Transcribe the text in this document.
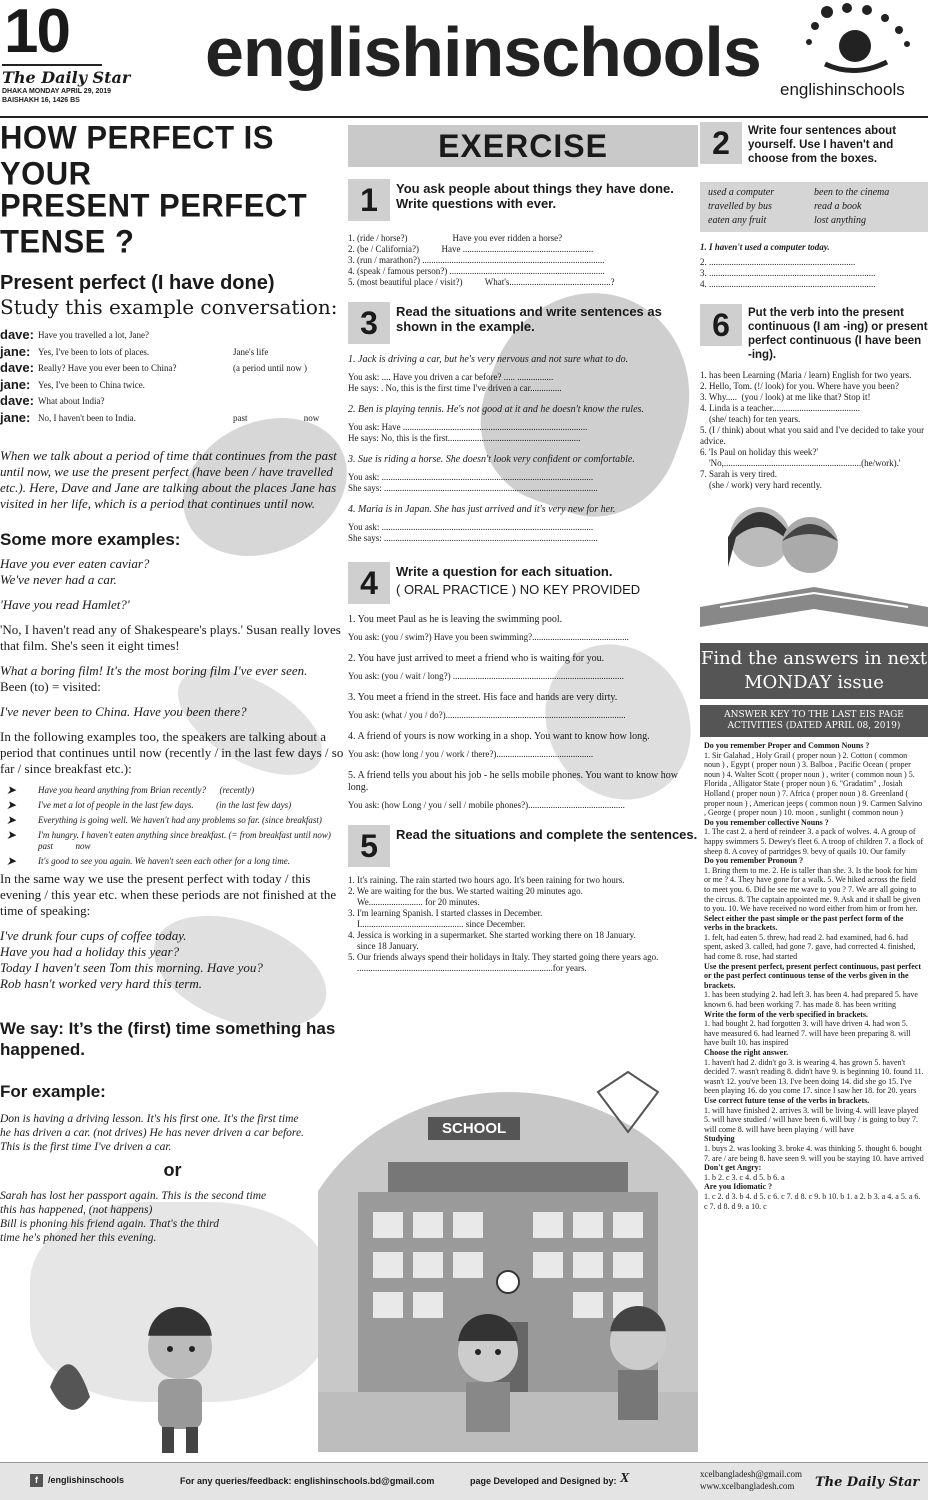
10
The Daily Star
DHAKA MONDAY APRIL 29, 2019
BAISHAKH 16, 1426 BS
englishinschools englishinschools
HOW PERFECT IS YOUR
PRESENT PERFECT TENSE ?
Present perfect (I have done)
Study this example conversation:
dave: Have you travelled a lot, Jane?
jane: Yes, I've been to lots of places.	Jane's life
dave: Really? Have you ever been to China?	(a period until now )
jane: Yes, I've been to China twice.
dave: What about India?
jane: No, I haven't been to India.	past                         now

When we talk about a period of time that continues from the past until now, we use the present perfect (have been / have travelled etc.). Here, Dave and Jane are talking about the places Jane has visited in her life, which is a period that continues until now.

Some more examples:

Have you ever eaten caviar?

We've never had a car.

'Have you read Hamlet?'

'No, I haven't read any of Shakespeare's plays.' Susan really loves that film. She's seen it eight times!

What a boring film! It's the most boring film I've ever seen.

Been (to) = visited:

I've never been to China. Have you been there?

In the following examples too, the speakers are talking about a period that continues until now (recently / in the last few days / so far / since breakfast etc.):

➤ Have you heard anything from Brian recently?      (recently)
➤ I've met a lot of people in the last few days.          (in the last few days)
➤ Everything is going well. We haven't had any problems so far. (since breakfast)
➤ I'm hungry. I haven't eaten anything since breakfast. (= from breakfast until now)      past          now
➤ It's good to see you again. We haven't seen each other for a long time.

In the same way we use the present perfect with today / this evening / this year etc. when these periods are not finished at the time of speaking:

I've drunk four cups of coffee today.

Have you had a holiday this year?

Today I haven't seen Tom this morning. Have you?

Rob hasn't worked very hard this term.

We say: It’s the (first) time something has happened.
For example:

Don is having a driving lesson. It's his first one. It's the first time he has driven a car. (not drives) He has never driven a car before.

This is the first time I've driven a car.

or

Sarah has lost her passport again. This is the second time this has happened, (not happens)

Bill is phoning his friend again. That's the third time he's phoned her this evening.

EXERCISE
1	You ask people about things they have done. Write questions with ever.
1. (ride / horse?)                    Have you ever ridden a horse?
2. (be / California?)          Have ..........................................................
3. (run / marathon?) .................................................................................
4. (speak / famous person?) .....................................................................
5. (most beautiful place / visit?)          What's.............................................?
3	Read the situations and write sentences as shown in the example.
1. Jack is driving a car, but he's very nervous and not sure what to do.
You ask: .... Have you driven a car before? ..... ................
He says: . No, this is the first time I've driven a car..............
2. Ben is playing tennis. He's not good at it and he doesn't know the rules.
You ask: Have ..................................................................................
He says: No, this is the first...........................................................
3. Sue is riding a horse. She doesn't look very confident or comfortable.
You ask: ..............................................................................................
She says: ...............................................................................................
4. Maria is in Japan. She has just arrived and it's very new for her.
You ask: ..............................................................................................
She says: ...............................................................................................
4	Write a question for each situation.
( ORAL PRACTICE ) NO KEY PROVIDED
1. You meet Paul as he is leaving the swimming pool.
You ask: (you / swim?) Have you been swimming?...........................................
2. You have just arrived to meet a friend who is waiting for you.
You ask: (you / wait / long?) ............................................................................
3. You meet a friend in the street. His face and hands are very dirty.
You ask: (what / you / do?)................................................................................
4. A friend of yours is now working in a shop. You want to know how long.
You ask: (how long / you / work / there?)...........................................
5. A friend tells you about his job - he sells mobile phones. You want to know how long.
You ask: (how Long / you / sell / mobile phones?)...........................................
5	Read the situations and complete the sentences.
1. It's raining. The rain started two hours ago. It's been raining for two hours.
2. We are waiting for the bus. We started waiting 20 minutes ago.
We........................ for 20 minutes.
3. I'm learning Spanish. I started classes in December.
I.............................................. since December.
4. Jessica is working in a supermarket. She started working there on 18 January.
since 18 January.
5. Our friends always spend their holidays in Italy. They started going there years ago.
.......................................................................................for years.
SCHOOL
2	Write four sentences about yourself. Use I haven't and choose from the boxes.
used a computer	been to the cinema
travelled by bus	read a book
eaten any fruit	lost anything
1. I haven't used a computer today.
2. .................................................................
3. ..........................................................................
4. ..........................................................................
6	Put the verb into the present continuous (I am -ing) or present perfect continuous (I have been -ing).
1. has been Learning (Maria / learn) English for two years.
2. Hello, Tom. (!/ look) for you. Where have you been?
3. Why.....  (you / look) at me like that? Stop it!
4. Linda is a teacher.......................................
(she/ teach) for ten years.
5. (I / think) about what you said and I've decided to take your advice.
6. 'Is Paul on holiday this week?'
'No,.............................................................(he/work).'
7. Sarah is very tired.
(she / work) very hard recently.
Find the answers in next MONDAY issue
ANSWER KEY TO THE LAST EIS PAGE ACTIVITIES (DATED APRIL 08, 2019)
Do you remember Proper and Common Nouns ?
1. Sir Galahad , Holy Grail ( proper noun ) 2. Cotton ( common noun ) , Egypt ( proper noun ) 3. Balboa , Pacific Ocean ( proper noun ) 4. Walter Scott ( proper noun ) , writer ( common noun ) 5. Florida , Alligator State ( proper noun ) 6. "Gradatim" , Josiah Holland ( proper noun ) 7. Africa ( proper noun ) 8. Greenland ( proper noun ) , American jeeps ( common noun ) 9. Carmen Salvino , George ( proper noun ) 10. moon , sunlight ( common noun )
Do you remember collective Nouns ?
1. The cast 2. a herd of reindeer 3. a pack of wolves. 4. A group of happy swimmers 5. Dewey's fleet 6. A troop of children 7. a flock of sheep 8. A covey of partridges 9. bevy of quails 10. Our family
Do you remember Pronoun ?
1. Bring them to me. 2. He is taller than she. 3. Is the book for him or me ? 4. They have gone for a walk. 5. We hiked across the field to meet you. 6. Did he see me wave to you ? 7. We are all going to the circus. 8. The captain appointed me. 9. Ask and it shall be given to you. 10. We have received no word either from him or from her.
Select either the past simple or the past perfect form of the verbs in the brackets.
1. felt, had eaten 5. threw, had read 2. had examined, had 6. had spent, asked 3. called, had gone 7. gave, had corrected 4. finished, had come 8. rose, had started
Use the present perfect, present perfect continuous, past perfect or the past perfect continuous tense of the verbs given in the brackets.
1. has been studying 2. had left 3. has been 4. had prepared 5. have known 6. had been working 7. has made 8. has been writing
Write the form of the verb specified in brackets.
1. had bought 2. had forgotten 3. will have driven 4. had won 5. have measured 6. had learned 7. will have been preparing 8. will have built 10. has inspired
Choose the right answer.
1. haven't had 2. didn't go 3. is wearing 4. has grown 5. haven't decided 7. wasn't reading 8. didn't have 9. is beginning 10. found 11. wasn't 12. you've been 13. I've been doing 14. did she go 15. I've been playing 16. do you come 17. since I saw her 18. for 20. years
Use correct future tense of the verbs in brackets.
1. will have finished 2. arrives 3. will be living 4. will leave played 5. will have studied / will have been 6. will buy / is going to buy 7. will come 8. will have been playing / will have
Studying
1. buys 2. was looking 3. broke 4. was thinking 5. thought 6. bought 7. are / are being 8. have seen 9. will you be staying 10. have arrived
Don't get Angry:
1. b 2. c 3. c 4. d 5. b 6. a
Are you Idiomatic ?
1. c 2. d 3. b 4. d 5. c 6. c 7. d 8. c 9. b 10. b 1. a 2. b 3. a 4. a 5. a 6. c 7. d 8. d 9. a 10. c
f	/englishinschools	For any queries/feedback: englishinschools.bd@gmail.com	page Developed and Designed by: X	xcelbangladesh@gmail.com
www.xcelbangladesh.com The Daily Star
